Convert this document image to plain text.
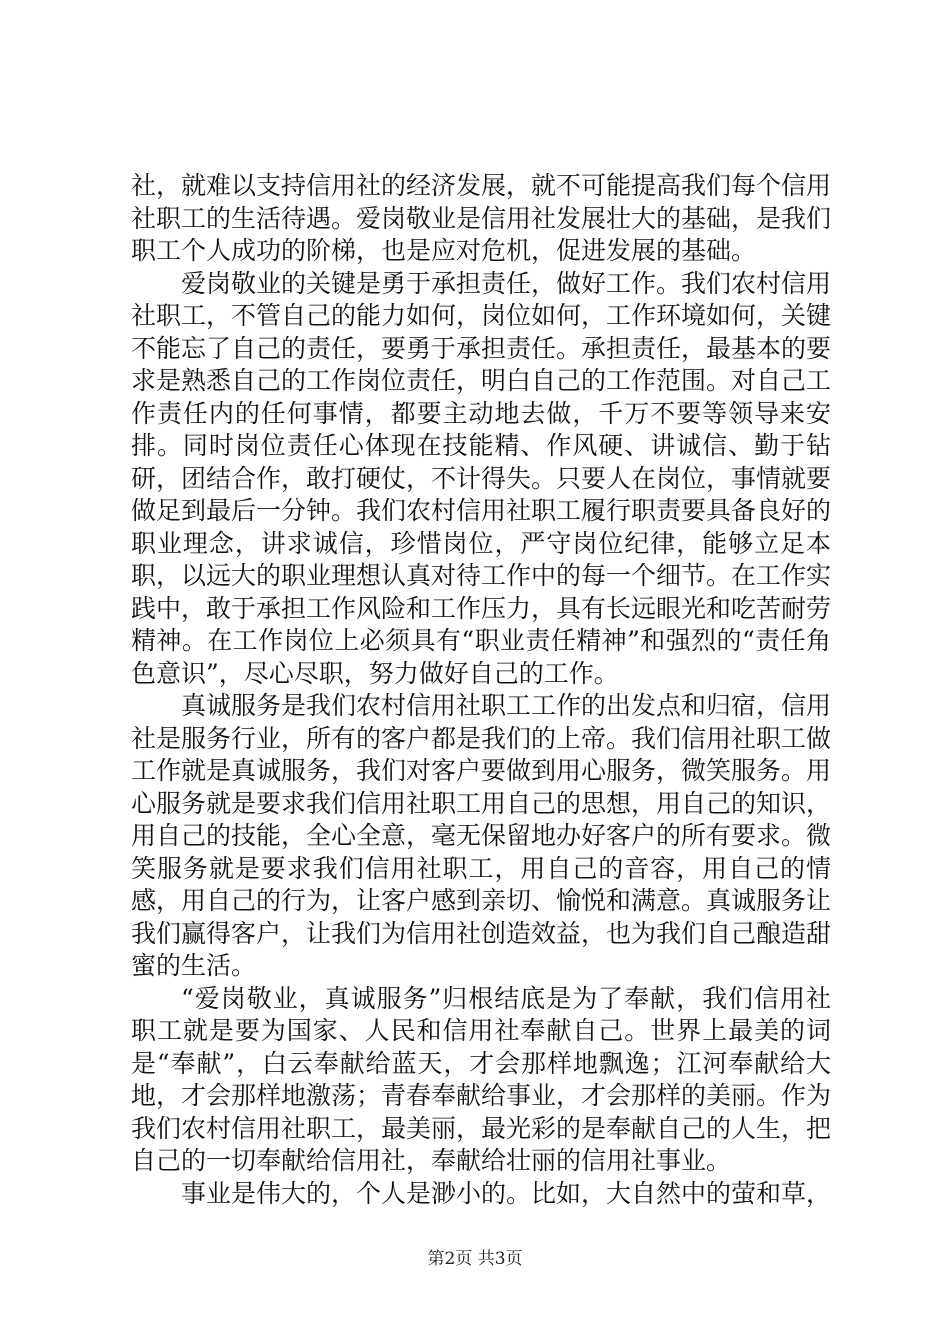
社，就难以支持信用社的经济发展，就不可能提高我们每个信用社职工的生活待遇。爱岗敬业是信用社发展壮大的基础，是我们职工个人成功的阶梯，也是应对危机，促进发展的基础。

爱岗敬业的关键是勇于承担责任，做好工作。我们农村信用社职工，不管自己的能力如何，岗位如何，工作环境如何，关键不能忘了自己的责任，要勇于承担责任。承担责任，最基本的要求是熟悉自己的工作岗位责任，明白自己的工作范围。对自己工作责任内的任何事情，都要主动地去做，千万不要等领导来安排。同时岗位责任心体现在技能精、作风硬、讲诚信、勤于钻研，团结合作，敢打硬仗，不计得失。只要人在岗位，事情就要做足到最后一分钟。我们农村信用社职工履行职责要具备良好的职业理念，讲求诚信，珍惜岗位，严守岗位纪律，能够立足本职，以远大的职业理想认真对待工作中的每一个细节。在工作实践中，敢于承担工作风险和工作压力，具有长远眼光和吃苦耐劳精神。在工作岗位上必须具有“职业责任精神”和强烈的“责任角色意识”，尽心尽职，努力做好自己的工作。

真诚服务是我们农村信用社职工工作的出发点和归宿，信用社是服务行业，所有的客户都是我们的上帝。我们信用社职工做工作就是真诚服务，我们对客户要做到用心服务，微笑服务。用心服务就是要求我们信用社职工用自己的思想，用自己的知识，用自己的技能，全心全意，毫无保留地办好客户的所有要求。微笑服务就是要求我们信用社职工，用自己的音容，用自己的情感，用自己的行为，让客户感到亲切、愉悦和满意。真诚服务让我们赢得客户，让我们为信用社创造效益，也为我们自己酿造甜蜜的生活。

“爱岗敬业，真诚服务”归根结底是为了奉献，我们信用社职工就是要为国家、人民和信用社奉献自己。世界上最美的词是“奉献”，白云奉献给蓝天，才会那样地飘逸；江河奉献给大地，才会那样地激荡；青春奉献给事业，才会那样的美丽。作为我们农村信用社职工，最美丽，最光彩的是奉献自己的人生，把自己的一切奉献给信用社，奉献给壮丽的信用社事业。

事业是伟大的，个人是渺小的。比如，大自然中的萤和草，

第2页 共3页
